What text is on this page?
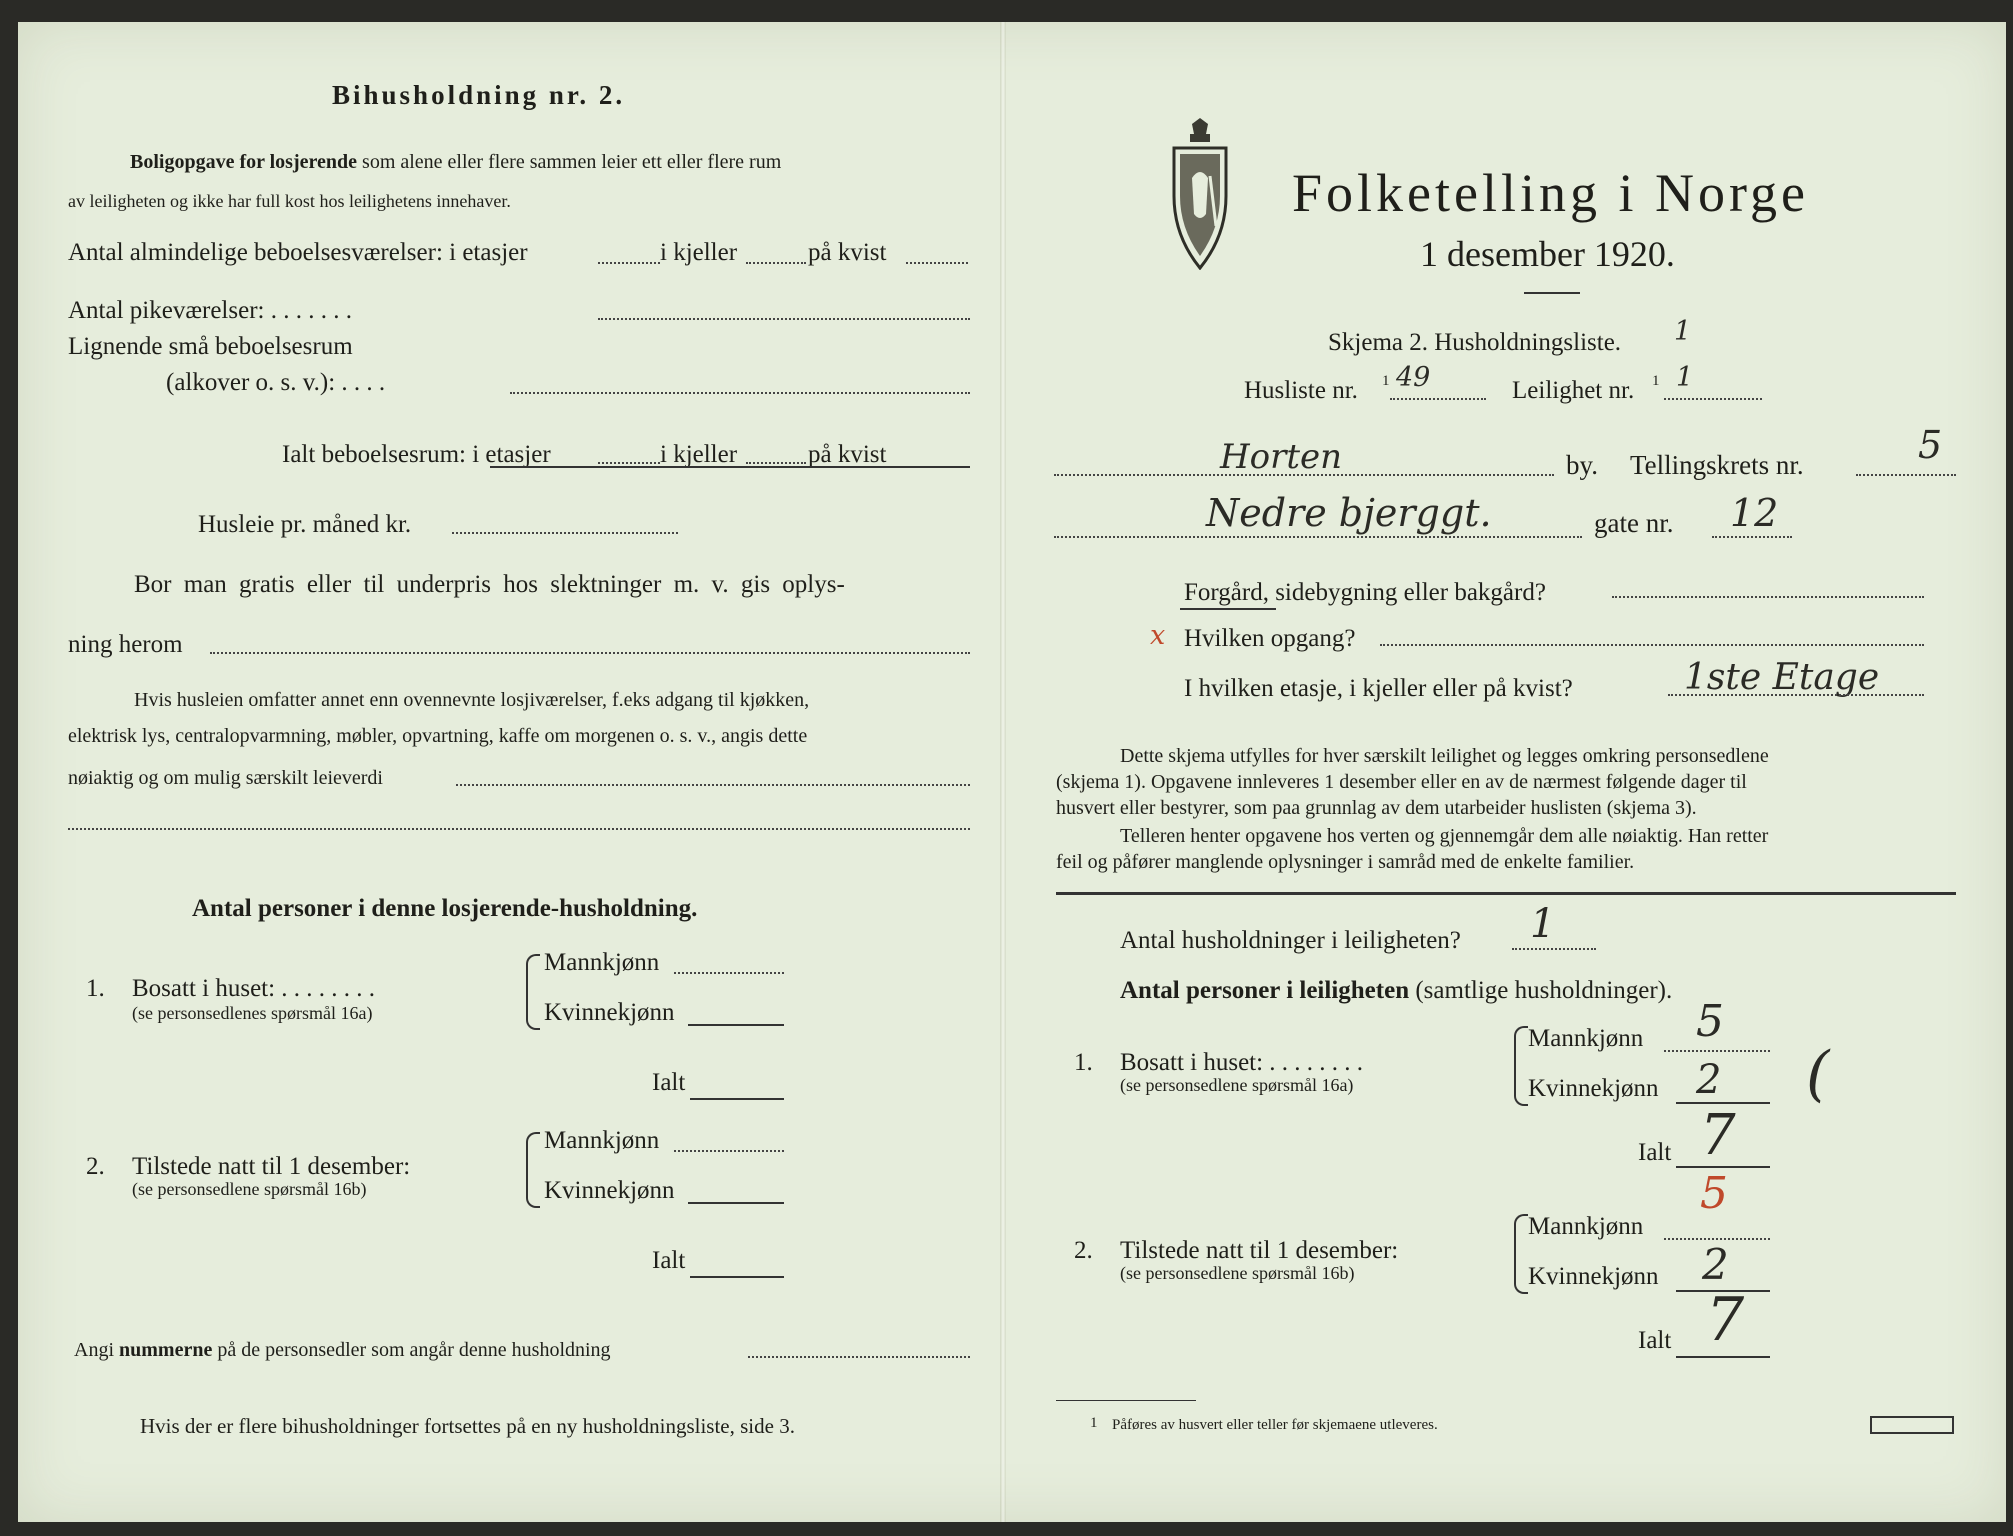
Bihusholdning nr. 2.
Boligopgave for losjerende som alene eller flere sammen leier ett eller flere rum
av leiligheten og ikke har full kost hos leilighetens innehaver.
Antal almindelige beboelsesværelser: i etasjer	i kjeller	på kvist
Antal pikeværelser: . . . . . . .
Lignende små beboelsesrum
(alkover o. s. v.): . . . .
Ialt beboelsesrum: i etasjer	i kjeller	på kvist
Husleie pr. måned kr.
Bor man gratis eller til underpris hos slektninger m. v. gis oplys-
ning herom
Hvis husleien omfatter annet enn ovennevnte losjiværelser, f.eks adgang til kjøkken,
elektrisk lys, centralopvarmning, møbler, opvartning, kaffe om morgenen o. s. v., angis dette
nøiaktig og om mulig særskilt leieverdi
Antal personer i denne losjerende-husholdning.
1. Bosatt i huset: . . . . . . . .
(se personsedlenes spørsmål 16a)
Mannkjønn
Kvinnekjønn
Ialt
2. Tilstede natt til 1 desember:
(se personsedlene spørsmål 16b)
Mannkjønn
Kvinnekjønn
Ialt
Angi nummerne på de personsedler som angår denne husholdning
Hvis der er flere bihusholdninger fortsettes på en ny husholdningsliste, side 3.
Folketelling i Norge
1 desember 1920.
Skjema 2. Husholdningsliste. 1
Husliste nr. 1 49	Leilighet nr. 1 1
Horten	by. Tellingskrets nr.	5
Nedre bjerggt.	gate nr. 12
Forgård, sidebygning eller bakgård?
x Hvilken opgang?
I hvilken etasje, i kjeller eller på kvist?	1ste Etage
Dette skjema utfylles for hver særskilt leilighet og legges omkring personsedlene
(skjema 1). Opgavene innleveres 1 desember eller en av de nærmest følgende dager til
husvert eller bestyrer, som paa grunnlag av dem utarbeider huslisten (skjema 3).
Telleren henter opgavene hos verten og gjennemgår dem alle nøiaktig. Han retter
feil og påfører manglende oplysninger i samråd med de enkelte familier.
Antal husholdninger i leiligheten? 1
Antal personer i leiligheten (samtlige husholdninger).
1. Bosatt i huset: . . . . . . . .
(se personsedlene spørsmål 16a)
Mannkjønn 5
Kvinnekjønn 2 (
Ialt 7
2. Tilstede natt til 1 desember:
(se personsedlene spørsmål 16b)
Mannkjønn
5
Kvinnekjønn 2
Ialt 7
1 Påføres av husvert eller teller før skjemaene utleveres.
